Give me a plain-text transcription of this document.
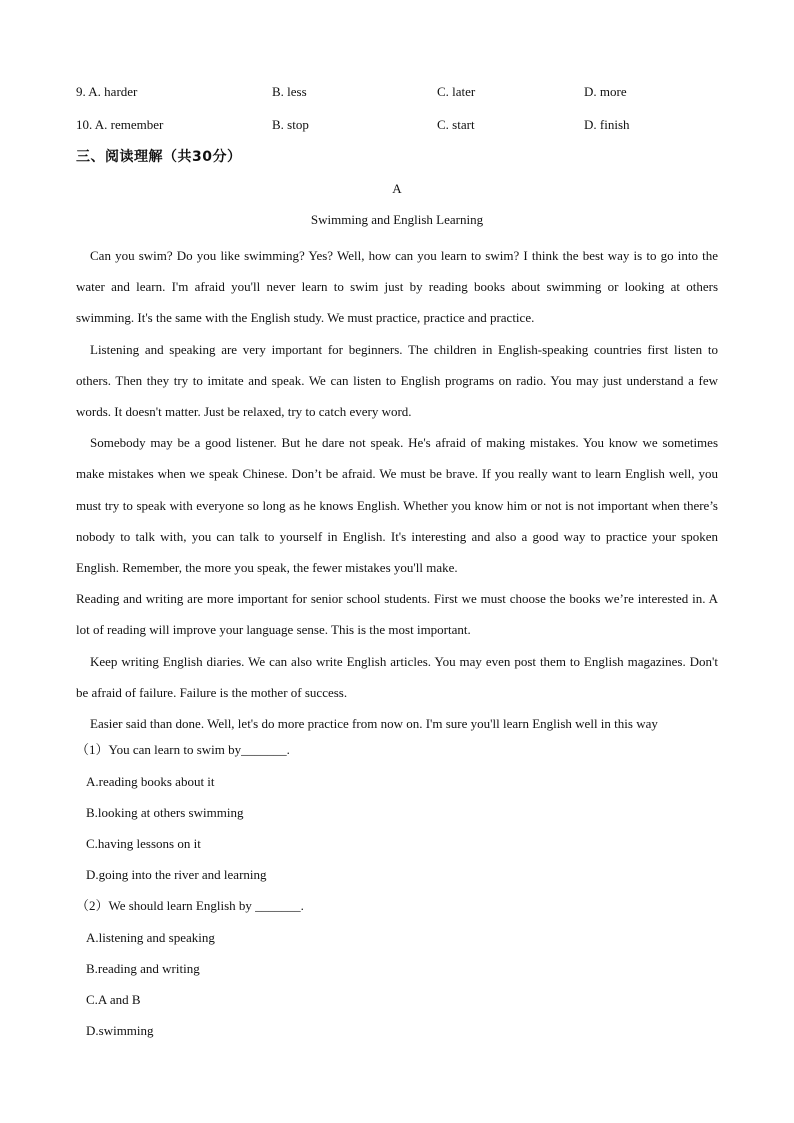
9. A. harder	B. less	C. later	D. more
10. A. remember	B. stop	C. start	D. finish
三、阅读理解（共30分）
A
Swimming and English Learning

Can you swim? Do you like swimming? Yes? Well, how can you learn to swim? I think the best way is to go into the water and learn. I'm afraid you'll never learn to swim just by reading books about swimming or looking at others swimming. It's the same with the English study. We must practice, practice and practice.

Listening and speaking are very important for beginners. The children in English-speaking countries first listen to others. Then they try to imitate and speak. We can listen to English programs on radio. You may just understand a few words. It doesn't matter. Just be relaxed, try to catch every word.

Somebody may be a good listener. But he dare not speak. He's afraid of making mistakes. You know we sometimes make mistakes when we speak Chinese. Don’t be afraid. We must be brave. If you really want to learn English well, you must try to speak with everyone so long as he knows English. Whether you know him or not is not important when there’s nobody to talk with, you can talk to yourself in English. It's interesting and also a good way to practice your spoken English. Remember, the more you speak, the fewer mistakes you'll make.

Reading and writing are more important for senior school students. First we must choose the books we’re interested in. A lot of reading will improve your language sense. This is the most important.

Keep writing English diaries. We can also write English articles. You may even post them to English magazines. Don't be afraid of failure. Failure is the mother of success.

Easier said than done. Well, let's do more practice from now on. I'm sure you'll learn English well in this way

（1）You can learn to swim by_______.
A.reading books about it
B.looking at others swimming
C.having lessons on it
D.going into the river and learning
（2）We should learn English by _______.
A.listening and speaking
B.reading and writing
C.A and B
D.swimming
